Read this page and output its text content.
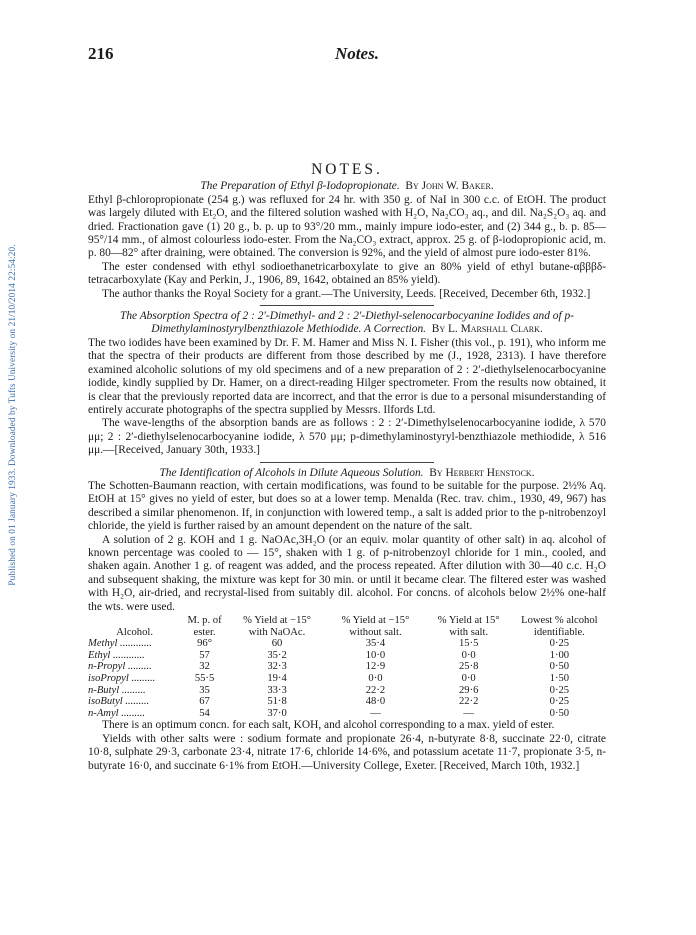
Published on 01 January 1933. Downloaded by Tufts University on 21/10/2014 22:54:20.
216	Notes.
NOTES.

The Preparation of Ethyl β-Iodopropionate. By John W. Baker.

Ethyl β-chloropropionate (254 g.) was refluxed for 24 hr. with 350 g. of NaI in 300 c.c. of EtOH. The product was largely diluted with Et₂O, and the filtered solution washed with H₂O, Na₂CO₃ aq., and dil. Na₂S₂O₃ aq. and dried. Fractionation gave (1) 20 g., b. p. up to 93°/20 mm., mainly impure iodo-ester, and (2) 344 g., b. p. 85—95°/14 mm., of almost colourless iodo-ester. From the Na₂CO₃ extract, approx. 25 g. of β-iodopropionic acid, m. p. 80—82° after draining, were obtained. The conversion is 92%, and the yield of almost pure iodo-ester 81%.

The ester condensed with ethyl sodioethanetricarboxylate to give an 80% yield of ethyl butane-αβββδ-tetracarboxylate (Kay and Perkin, J., 1906, 89, 1642, obtained an 85% yield).

The author thanks the Royal Society for a grant.—The University, Leeds. [Received, December 6th, 1932.]

The Absorption Spectra of 2 : 2′-Dimethyl- and 2 : 2′-Diethyl-selenocarbocyanine Iodides and of p-Dimethylaminostyrylbenzthiazole Methiodide. A Correction. By L. Marshall Clark.

The two iodides have been examined by Dr. F. M. Hamer and Miss N. I. Fisher (this vol., p. 191), who inform me that the spectra of their products are different from those described by me (J., 1928, 2313). I have therefore examined alcoholic solutions of my old specimens and of a new preparation of 2 : 2′-diethylselenocarbocyanine iodide, kindly supplied by Dr. Hamer, on a direct-reading Hilger spectrometer. From the results now obtained, it is clear that the previously reported data are incorrect, and that the error is due to a personal misunderstanding of entirely accurate photographs of the spectra supplied by Messrs. Ilfords Ltd.

The wave-lengths of the absorption bands are as follows : 2 : 2′-Dimethylselenocarbocyanine iodide, λ 570 μμ; 2 : 2′-diethylselenocarbocyanine iodide, λ 570 μμ; p-dimethylaminostyryl-benzthiazole methiodide, λ 516 μμ.—[Received, January 30th, 1933.]

The Identification of Alcohols in Dilute Aqueous Solution. By Herbert Henstock.

The Schotten-Baumann reaction, with certain modifications, was found to be suitable for the purpose. 2½% Aq. EtOH at 15° gives no yield of ester, but does so at a lower temp. Menalda (Rec. trav. chim., 1930, 49, 967) has described a similar phenomenon. If, in conjunction with lowered temp., a salt is added prior to the p-nitrobenzoyl chloride, the yield is further raised by an amount dependent on the nature of the salt.

A solution of 2 g. KOH and 1 g. NaOAc,3H₂O (or an equiv. molar quantity of other salt) in aq. alcohol of known percentage was cooled to — 15°, shaken with 1 g. of p-nitrobenzoyl chloride for 1 min., cooled, and shaken again. Another 1 g. of reagent was added, and the process repeated. After dilution with 30—40 c.c. H₂O and subsequent shaking, the mixture was kept for 30 min. or until it became clear. The filtered ester was washed with H₂O, air-dried, and recrystal-lised from suitably dil. alcohol. For concns. of alcohols below 2½% one-half the wts. were used.

	M. p. of	% Yield at −15°	% Yield at −15°	% Yield at 15°	Lowest % alcohol
Alcohol.	ester.	with NaOAc.	without salt.	with salt.	identifiable.
Methyl ............	96°	60	35·4	15·5	0·25
Ethyl ............	57	35·2	10·0	0·0	1·00
n-Propyl .........	32	32·3	12·9	25·8	0·50
isoPropyl .........	55·5	19·4	0·0	0·0	1·50
n-Butyl .........	35	33·3	22·2	29·6	0·25
isoButyl .........	67	51·8	48·0	22·2	0·25
n-Amyl .........	54	37·0	—	—	0·50

There is an optimum concn. for each salt, KOH, and alcohol corresponding to a max. yield of ester.

Yields with other salts were : sodium formate and propionate 26·4, n-butyrate 8·8, succinate 22·0, citrate 10·8, sulphate 29·3, carbonate 23·4, nitrate 17·6, chloride 14·6%, and potassium acetate 11·7, propionate 3·5, n-butyrate 16·0, and succinate 6·1% from EtOH.—University College, Exeter. [Received, March 10th, 1932.]
